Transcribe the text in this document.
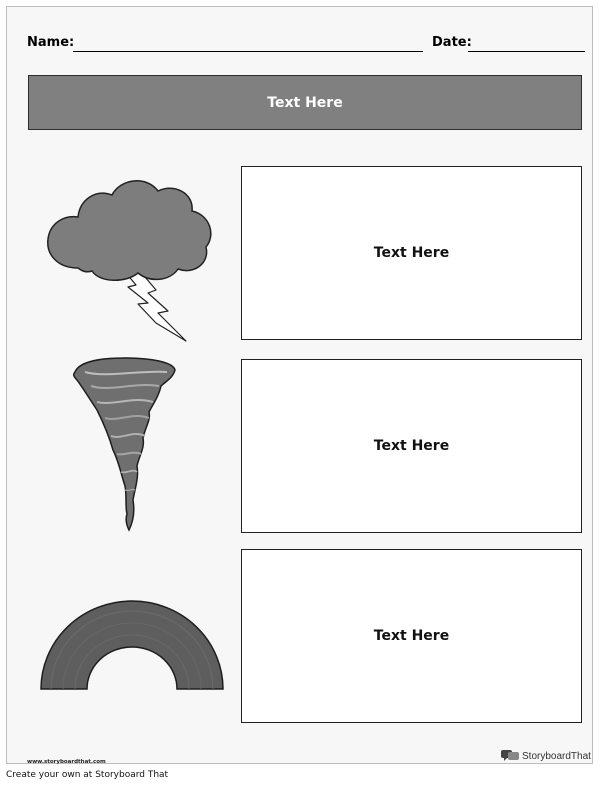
Name:	Date:
Text Here
Text Here
Text Here
Text Here
www.storyboardthat.com
StoryboardThat
Create your own at Storyboard That
